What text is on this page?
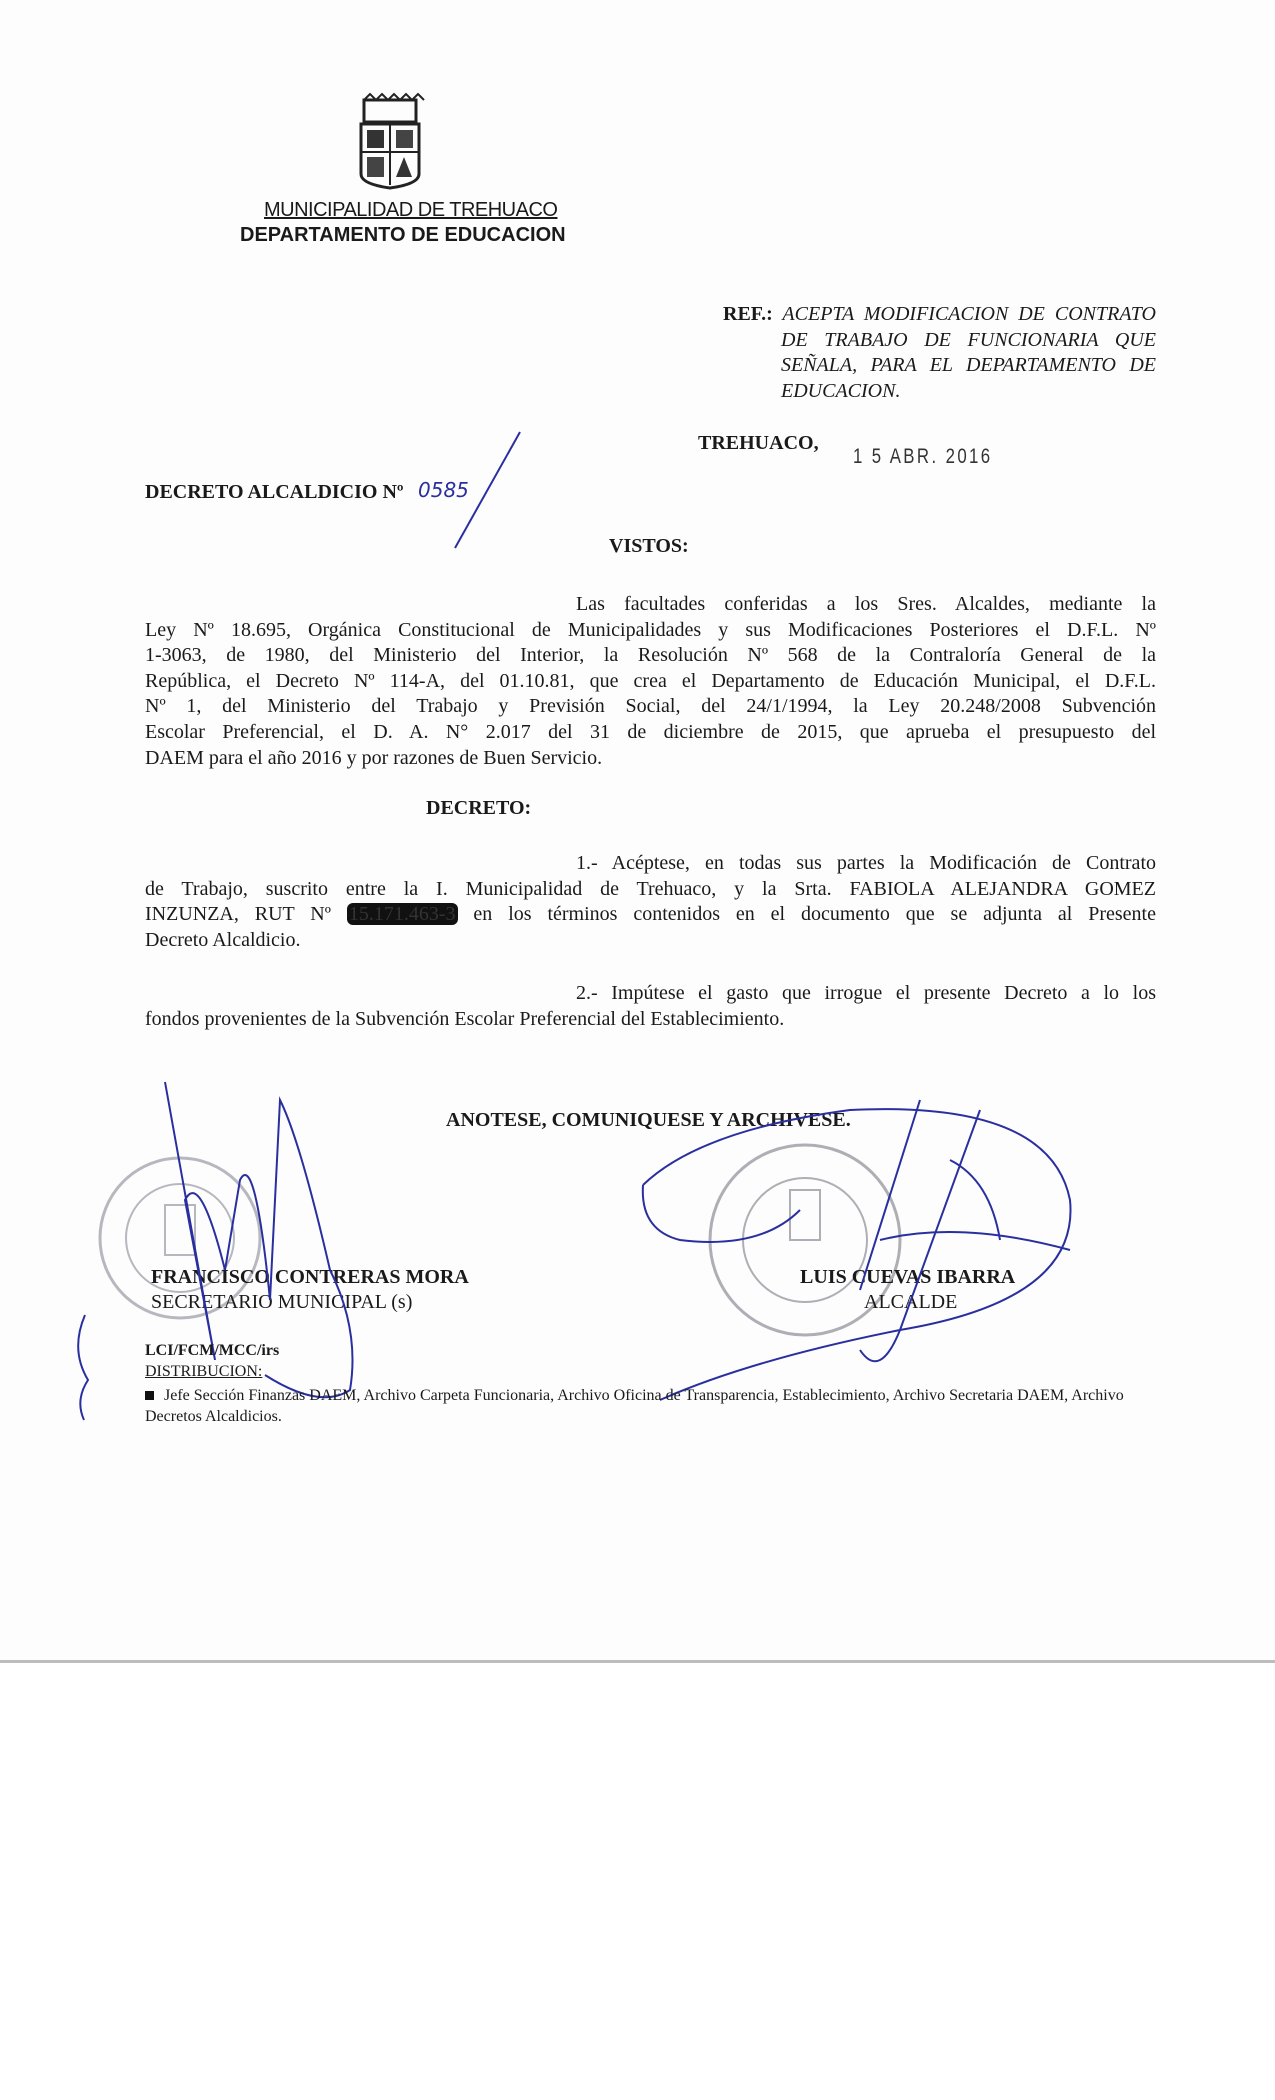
MUNICIPALIDAD DE TREHUACO
DEPARTAMENTO DE EDUCACION
REF.: ACEPTA MODIFICACION DE CONTRATO
DE TRABAJO DE FUNCIONARIA QUE
SEÑALA, PARA EL DEPARTAMENTO DE
EDUCACION.
TREHUACO,
1 5 ABR. 2016
DECRETO ALCALDICIO Nº 0585
VISTOS:
Las facultades conferidas a los Sres. Alcaldes, mediante la
Ley Nº 18.695, Orgánica Constitucional de Municipalidades y sus Modificaciones Posteriores el D.F.L. Nº
1-3063, de 1980, del Ministerio del Interior, la Resolución Nº 568 de la Contraloría General de la
República, el Decreto Nº 114-A, del 01.10.81, que crea el Departamento de Educación Municipal, el D.F.L.
Nº 1, del Ministerio del Trabajo y Previsión Social, del 24/1/1994, la Ley 20.248/2008 Subvención
Escolar Preferencial, el D. A. N° 2.017 del 31 de diciembre de 2015, que aprueba el presupuesto del
DAEM para el año 2016 y por razones de Buen Servicio.
DECRETO:
1.- Acéptese, en todas sus partes la Modificación de Contrato
de Trabajo, suscrito entre la I. Municipalidad de Trehuaco, y la Srta. FABIOLA ALEJANDRA GOMEZ
INZUNZA, RUT Nº 15.171.463-3 en los términos contenidos en el documento que se adjunta al Presente
Decreto Alcaldicio.
2.- Impútese el gasto que irrogue el presente Decreto a lo los
fondos provenientes de la Subvención Escolar Preferencial del Establecimiento.
ANOTESE, COMUNIQUESE Y ARCHIVESE.
FRANCISCO CONTRERAS MORA
SECRETARIO MUNICIPAL (s)
LUIS CUEVAS IBARRA
ALCALDE
LCI/FCM/MCC/irs
DISTRIBUCION:
Jefe Sección Finanzas DAEM, Archivo Carpeta Funcionaria, Archivo Oficina de Transparencia, Establecimiento, Archivo Secretaria DAEM, Archivo Decretos Alcaldicios.
